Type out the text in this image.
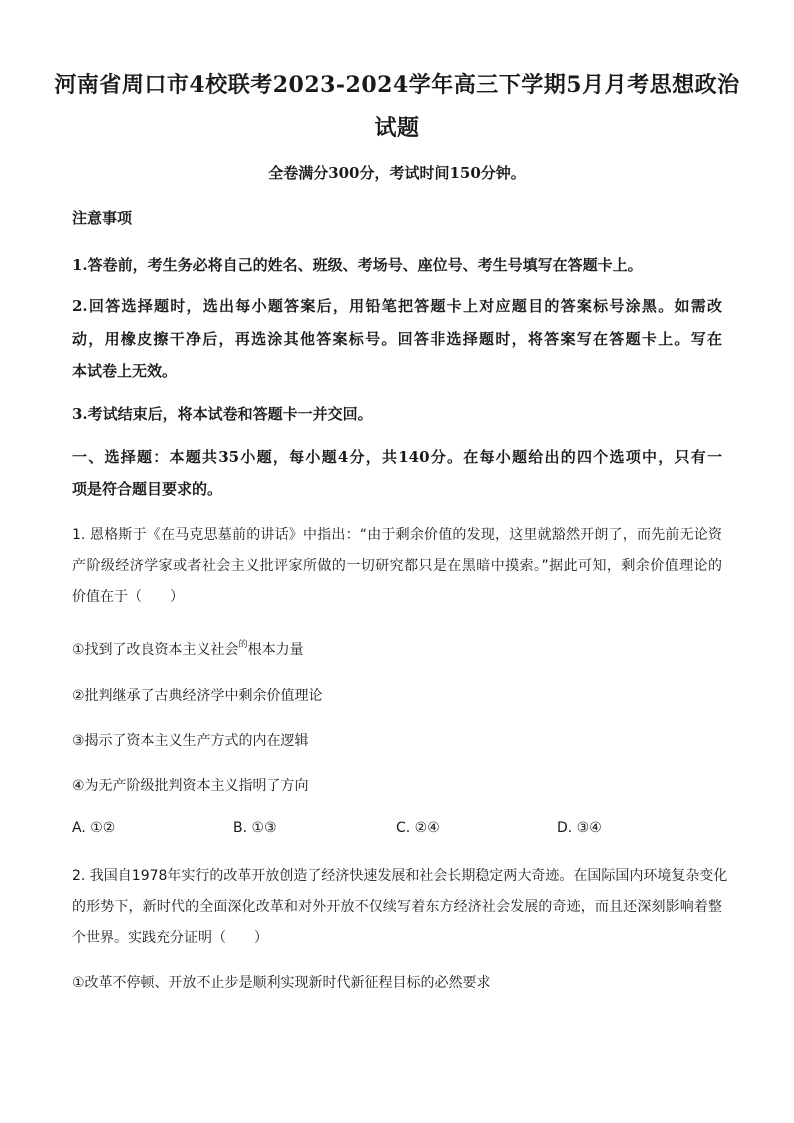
河南省周口市4校联考2023-2024学年高三下学期5月月考思想政治
试题
全卷满分300分，考试时间150分钟。
注意事项
1.答卷前，考生务必将自己的姓名、班级、考场号、座位号、考生号填写在答题卡上。
2.回答选择题时，选出每小题答案后，用铅笔把答题卡上对应题目的答案标号涂黑。如需改
动，用橡皮擦干净后，再选涂其他答案标号。回答非选择题时，将答案写在答题卡上。写在
本试卷上无效。
3.考试结束后，将本试卷和答题卡一并交回。
一、选择题：本题共35小题，每小题4分，共140分。在每小题给出的四个选项中，只有一
项是符合题目要求的。
1. 恩格斯于《在马克思墓前的讲话》中指出：“由于剩余价值的发现，这里就豁然开朗了，而先前无论资
产阶级经济学家或者社会主义批评家所做的一切研究都只是在黑暗中摸索。”据此可知，剩余价值理论的
价值在于（　　）
①找到了改良资本主义社会$^的$根本力量
②批判继承了古典经济学中剩余价值理论
③揭示了资本主义生产方式的内在逻辑
④为无产阶级批判资本主义指明了方向
A. ①②	B. ①③	C. ②④	D. ③④
2. 我国自1978年实行的改革开放创造了经济快速发展和社会长期稳定两大奇迹。在国际国内环境复杂变化
的形势下，新时代的全面深化改革和对外开放不仅续写着东方经济社会发展的奇迹，而且还深刻影响着整
个世界。实践充分证明（　　）
①改革不停顿、开放不止步是顺利实现新时代新征程目标的必然要求
